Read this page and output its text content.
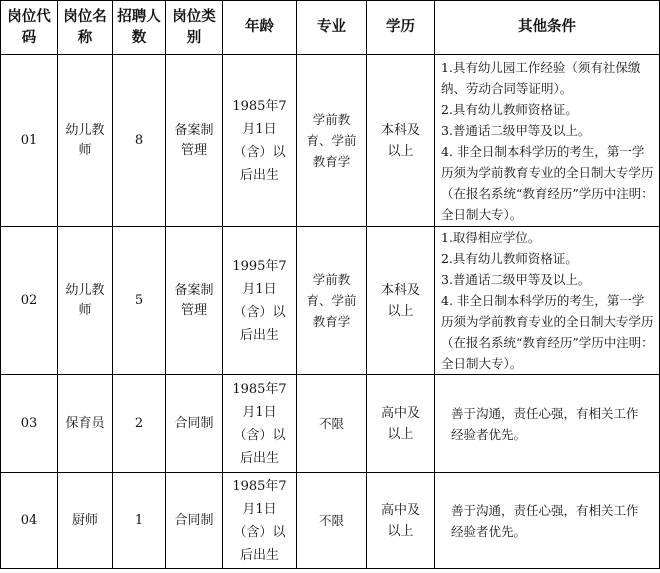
岗位代码	岗位名称	招聘人数	岗位类别	年龄	专业	学历	其他条件
01	幼儿教师	8	备案制管理	1985年7月1日（含）以后出生	学前教育、学前教育学	本科及以上	1.具有幼儿园工作经验（须有社保缴纳、劳动合同等证明）。
2.具有幼儿教师资格证。
3.普通话二级甲等及以上。
4. 非全日制本科学历的考生，第一学历须为学前教育专业的全日制大专学历（在报名系统“教育经历”学历中注明：全日制大专）。

02	幼儿教师	5	备案制管理	1995年7月1日（含）以后出生	学前教育、学前教育学	本科及以上	1.取得相应学位。
2.具有幼儿教师资格证。
3.普通话二级甲等及以上。
4. 非全日制本科学历的考生，第一学历须为学前教育专业的全日制大专学历（在报名系统“教育经历”学历中注明：全日制大专）。

03	保育员	2	合同制	1985年7月1日（含）以后出生	不限	高中及以上	善于沟通，责任心强，有相关工作经验者优先。

04	厨师	1	合同制	1985年7月1日（含）以后出生	不限	高中及以上	善于沟通，责任心强，有相关工作经验者优先。
